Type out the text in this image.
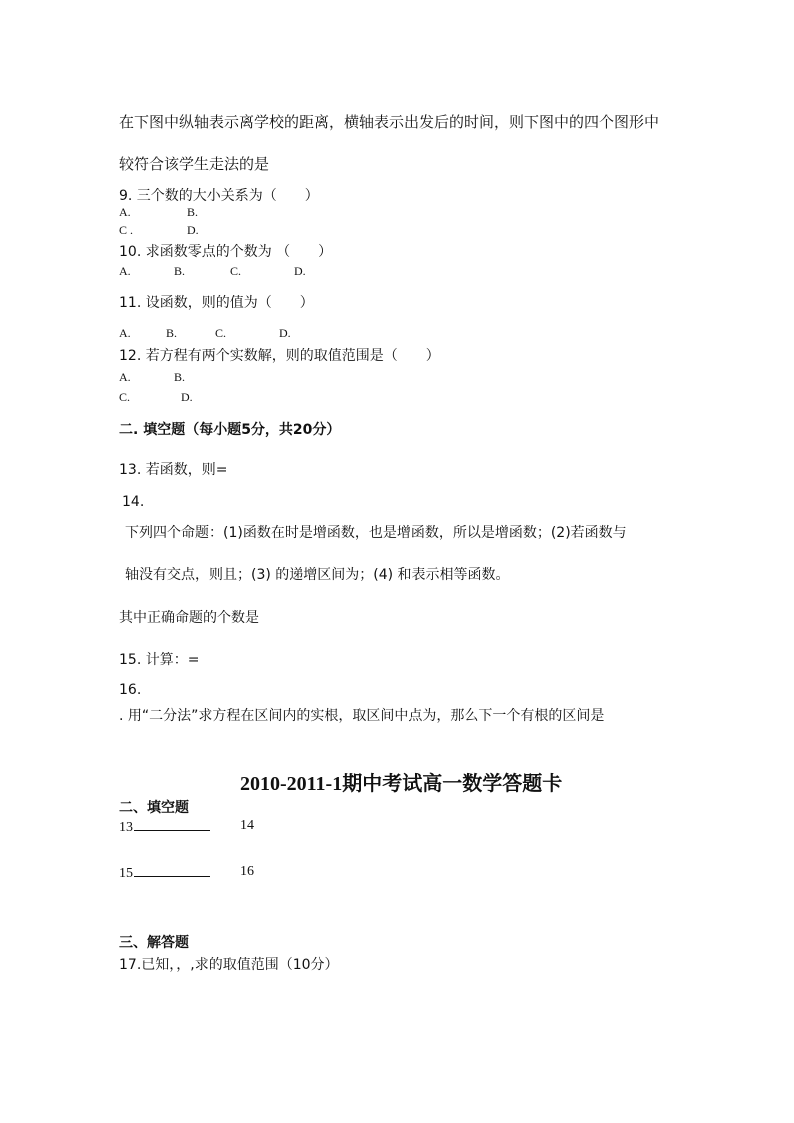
在下图中纵轴表示离学校的距离，横轴表示出发后的时间，则下图中的四个图形中
较符合该学生走法的是
9. 三个数的大小关系为（　　）
A.	B.
C .	D.
10. 求函数零点的个数为 （　　）
A.	B.	C.	D.
11. 设函数，则的值为（　　）
A.	B.	C.	D.
12. 若方程有两个实数解，则的取值范围是（　　）
A.	B.
C.	D.
二. 填空题（每小题5分，共20分）
13. 若函数，则=
14.
下列四个命题：(1)函数在时是增函数，也是增函数，所以是增函数；(2)若函数与
轴没有交点，则且；(3) 的递增区间为；(4) 和表示相等函数。
其中正确命题的个数是
15. 计算：=
16.
. 用“二分法”求方程在区间内的实根，取区间中点为，那么下一个有根的区间是
2010-2011-1期中考试高一数学答题卡
二、填空题
13	14
15	16
三、解答题
17.已知，，,求的取值范围（10分）
